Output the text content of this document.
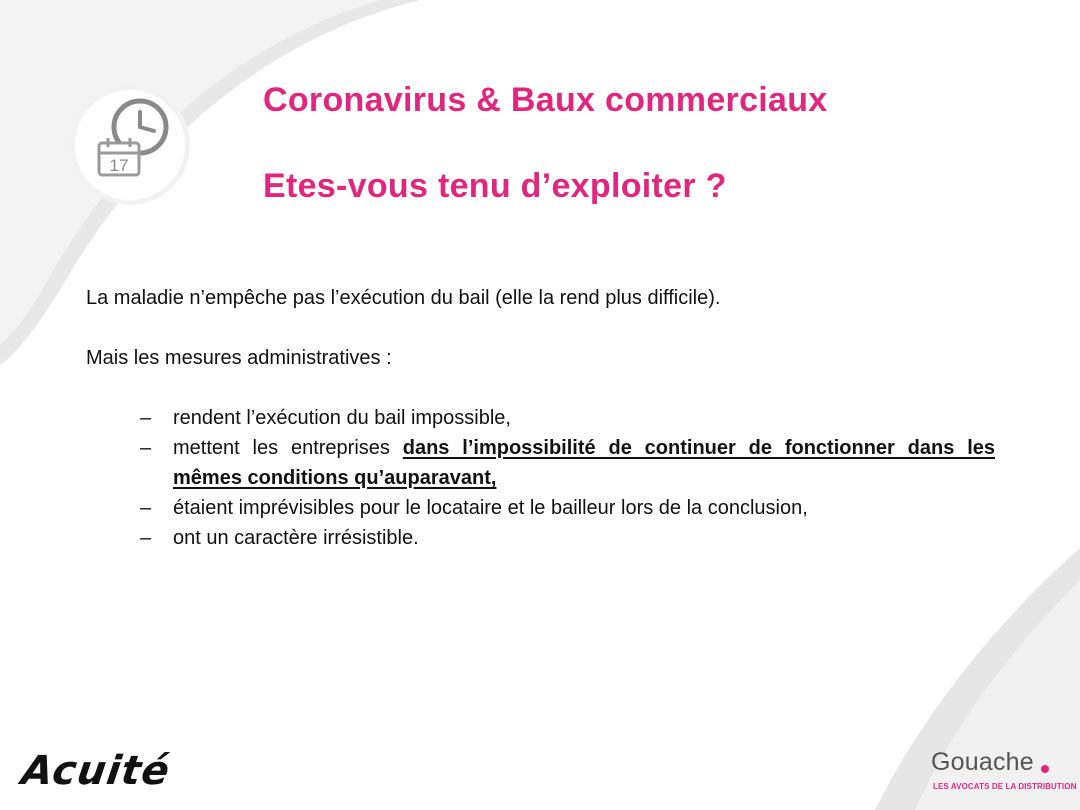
17
Coronavirus & Baux commerciaux
Etes-vous tenu d’exploiter ?

La maladie n’empêche pas l’exécution du bail (elle la rend plus difficile).

Mais les mesures administratives :

– rendent l’exécution du bail impossible,
– mettent les entreprises dans l’impossibilité de continuer de fonctionner dans les mêmes conditions qu’auparavant,
– étaient imprévisibles pour le locataire et le bailleur lors de la conclusion,
– ont un caractère irrésistible.

Acuité	Gouache

LES AVOCATS DE LA DISTRIBUTION
